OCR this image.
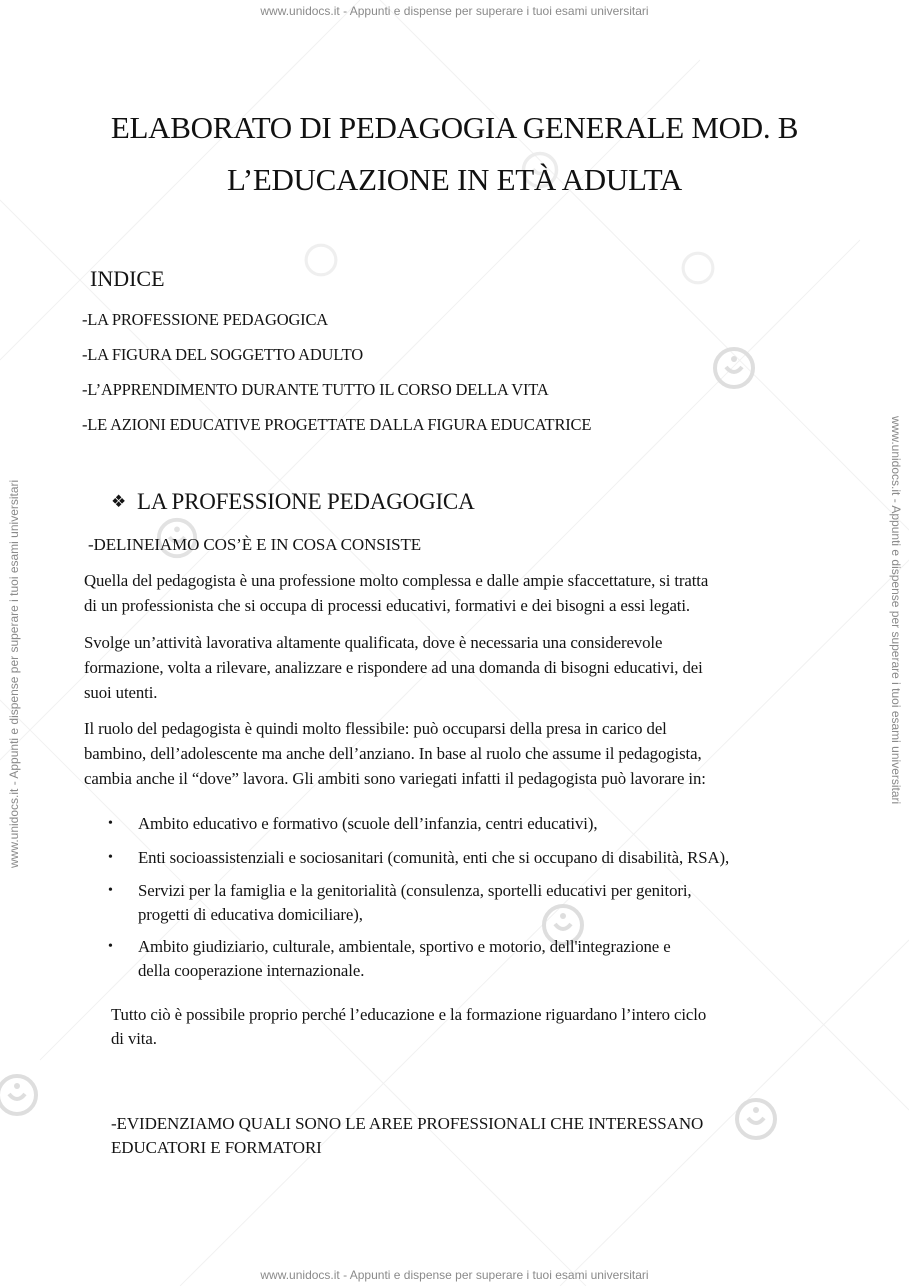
www.unidocs.it - Appunti e dispense per superare i tuoi esami universitari
www.unidocs.it - Appunti e dispense per superare i tuoi esami universitari
www.unidocs.it - Appunti e dispense per superare i tuoi esami universitari	www.unidocs.it - Appunti e dispense per superare i tuoi esami universitari
ELABORATO DI PEDAGOGIA GENERALE MOD. B
L’EDUCAZIONE IN ETÀ ADULTA
INDICE
-LA PROFESSIONE PEDAGOGICA
-LA FIGURA DEL SOGGETTO ADULTO
-L’APPRENDIMENTO DURANTE TUTTO IL CORSO DELLA VITA
-LE AZIONI EDUCATIVE PROGETTATE DALLA FIGURA EDUCATRICE
❖ LA PROFESSIONE PEDAGOGICA
-DELINEIAMO COS’È E IN COSA CONSISTE
Quella del pedagogista è una professione molto complessa e dalle ampie sfaccettature, si tratta
di un professionista che si occupa di processi educativi, formativi e dei bisogni a essi legati.
Svolge un’attività lavorativa altamente qualificata, dove è necessaria una considerevole
formazione, volta a rilevare, analizzare e rispondere ad una domanda di bisogni educativi, dei
suoi utenti.
Il ruolo del pedagogista è quindi molto flessibile: può occuparsi della presa in carico del
bambino, dell’adolescente ma anche dell’anziano. In base al ruolo che assume il pedagogista,
cambia anche il “dove” lavora. Gli ambiti sono variegati infatti il pedagogista può lavorare in:
• Ambito educativo e formativo (scuole dell’infanzia, centri educativi),
• Enti socioassistenziali e sociosanitari (comunità, enti che si occupano di disabilità, RSA),
• Servizi per la famiglia e la genitorialità (consulenza, sportelli educativi per genitori,
progetti di educativa domiciliare),
• Ambito giudiziario, culturale, ambientale, sportivo e motorio, dell'integrazione e
della cooperazione internazionale.
Tutto ciò è possibile proprio perché l’educazione e la formazione riguardano l’intero ciclo
di vita.
-EVIDENZIAMO QUALI SONO LE AREE PROFESSIONALI CHE INTERESSANO
EDUCATORI E FORMATORI
